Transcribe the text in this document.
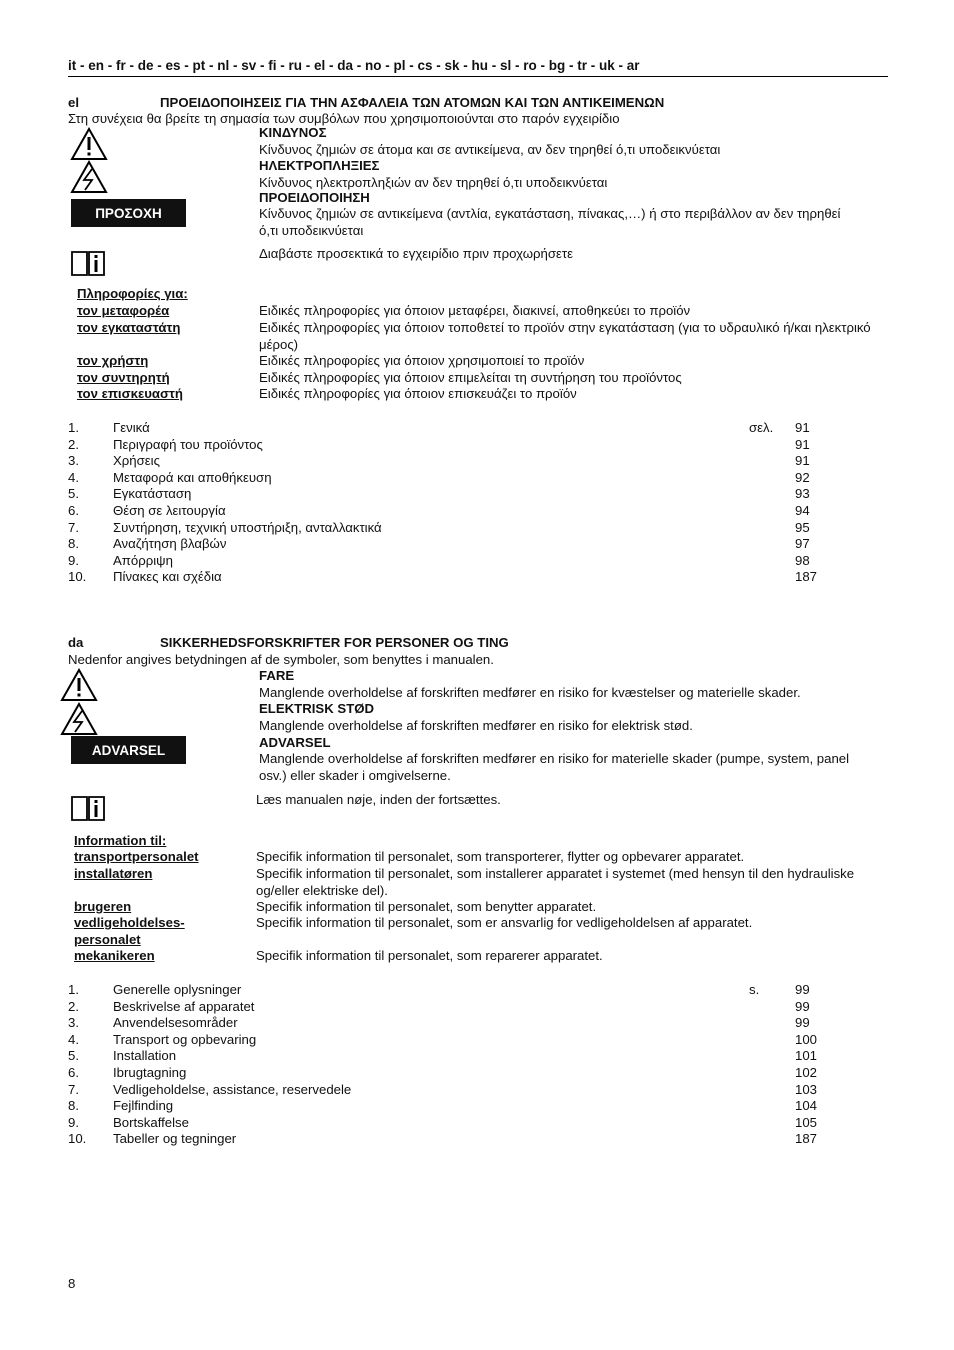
it - en - fr - de - es - pt - nl - sv - fi - ru - el - da - no - pl - cs - sk - hu - sl - ro - bg - tr - uk - ar
el	ΠΡΟΕΙΔΟΠΟΙΗΣΕΙΣ ΓΙΑ ΤΗΝ ΑΣΦΑΛΕΙΑ ΤΩΝ ΑΤΟΜΩΝ ΚΑΙ ΤΩΝ ΑΝΤΙΚΕΙΜΕΝΩΝ
Στη συνέχεια θα βρείτε τη σημασία των συμβόλων που χρησιμοποιούνται στο παρόν εγχειρίδιο
ΚΙΝΔΥΝΟΣ
Κίνδυνος ζημιών σε άτομα και σε αντικείμενα, αν δεν τηρηθεί ό,τι υποδεικνύεται
ΗΛΕΚΤΡΟΠΛΗΞΙΕΣ
Κίνδυνος ηλεκτροπληξιών αν δεν τηρηθεί ό,τι υποδεικνύεται
ΠΡΟΕΙΔΟΠΟΙΗΣΗ
ΠΡΟΣΟΧΗ	Κίνδυνος ζημιών σε αντικείμενα (αντλία, εγκατάσταση, πίνακας,…) ή στο περιβάλλον αν δεν τηρηθεί ό,τι υποδεικνύεται
Διαβάστε προσεκτικά το εγχειρίδιο πριν προχωρήσετε
Πληροφορίες για:
τον μεταφορέα	Ειδικές πληροφορίες για όποιον μεταφέρει, διακινεί, αποθηκεύει το προϊόν
τον εγκαταστάτη	Ειδικές πληροφορίες για όποιον τοποθετεί το προϊόν στην εγκατάσταση (για το υδραυλικό ή/και ηλεκτρικό μέρος)
τον χρήστη	Ειδικές πληροφορίες για όποιον χρησιμοποιεί το προϊόν
τον συντηρητή	Ειδικές πληροφορίες για όποιον επιμελείται τη συντήρηση του προϊόντος
τον επισκευαστή	Ειδικές πληροφορίες για όποιον επισκευάζει το προϊόν
1.	Γενικά	σελ. 91
2.	Περιγραφή του προϊόντος	91
3.	Χρήσεις	91
4.	Μεταφορά και αποθήκευση	92
5.	Εγκατάσταση	93
6.	Θέση σε λειτουργία	94
7.	Συντήρηση, τεχνική υποστήριξη, ανταλλακτικά	95
8.	Αναζήτηση βλαβών	97
9.	Απόρριψη	98
10. Πίνακες και σχέδια	187
da	SIKKERHEDSFORSKRIFTER FOR PERSONER OG TING
Nedenfor angives betydningen af de symboler, som benyttes i manualen.
FARE
Manglende overholdelse af forskriften medfører en risiko for kvæstelser og materielle skader.
ELEKTRISK STØD
Manglende overholdelse af forskriften medfører en risiko for elektrisk stød.
ADVARSEL
ADVARSEL
Manglende overholdelse af forskriften medfører en risiko for materielle skader (pumpe, system, panel osv.) eller skader i omgivelserne.
Læs manualen nøje, inden der fortsættes.
Information til:
transportpersonalet	Specifik information til personalet, som transporterer, flytter og opbevarer apparatet.
installatøren	Specifik information til personalet, som installerer apparatet i systemet (med hensyn til den hydrauliske og/eller elektriske del).
brugeren	Specifik information til personalet, som benytter apparatet.
vedligeholdelses-
personalet
Specifik information til personalet, som er ansvarlig for vedligeholdelsen af apparatet.
mekanikeren	Specifik information til personalet, som reparerer apparatet.
1.	Generelle oplysninger	s.	99
2.	Beskrivelse af apparatet	99
3.	Anvendelsesområder	99
4.	Transport og opbevaring	100
5.	Installation	101
6.	Ibrugtagning	102
7.	Vedligeholdelse, assistance, reservedele	103
8.	Fejlfinding	104
9.	Bortskaffelse	105
10. Tabeller og tegninger	187
8
